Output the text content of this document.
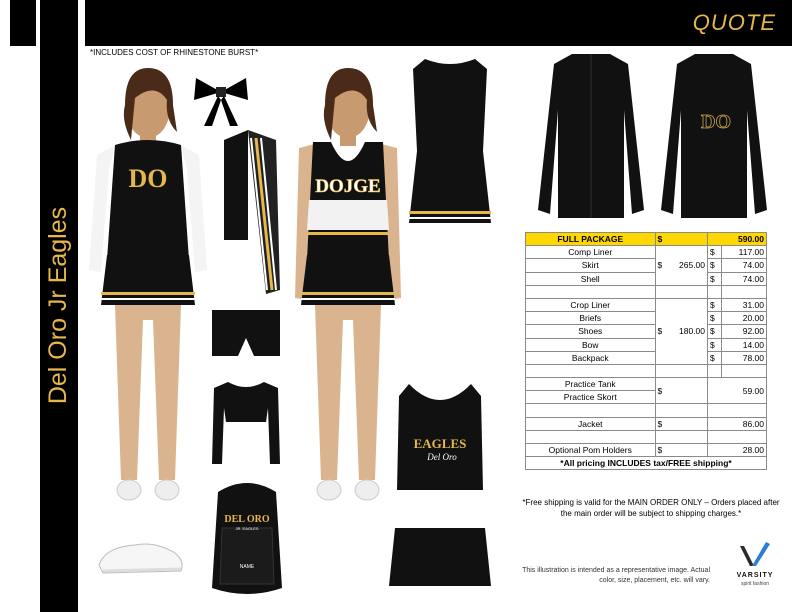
Del Oro Jr Eagles
QUOTE
*INCLUDES COST OF RHINESTONE BURST*
DO
DEL ORO
JR. EAGLES
NAME
DOJGE
DO
EAGLES
Del Oro
FULL PACKAGE	$	590.00	
Comp Liner	$ 265.00	$	117.00
Skirt		$	74.00
Shell		$	74.00

Crop Liner	$ 180.00	$	31.00
Briefs		$	20.00
Shoes		$	92.00
Bow		$	14.00
Backpack		$	78.00

Practice Tank	$	59.00	
Practice Skort			

Jacket	$	86.00	

Optional Pom Holders	$	28.00	
*All pricing INCLUDES tax/FREE shipping*			
*Free shipping is valid for the MAIN ORDER ONLY – Orders placed after the main order will be subject to shipping charges.*
This illustration is intended as a representative image. Actual color, size, placement, etc. will vary.
VARSITY
spirit fashion
